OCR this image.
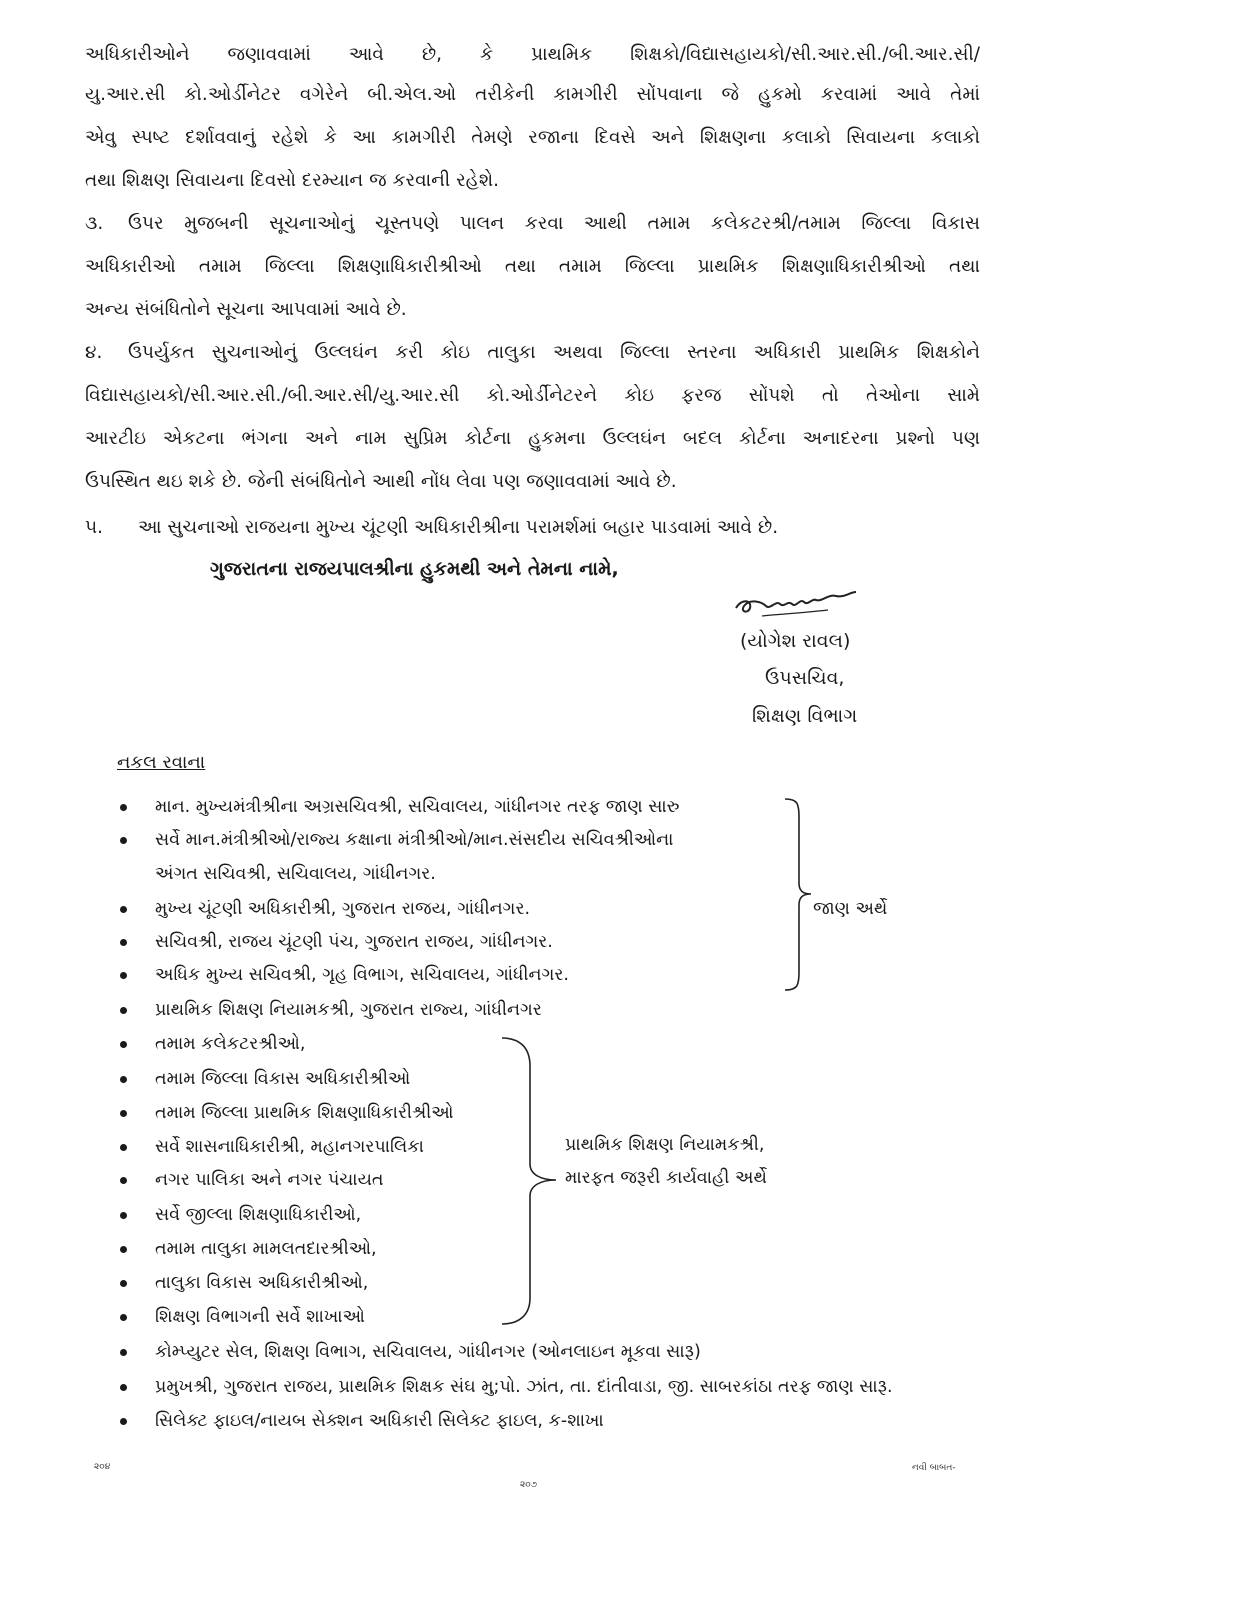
અધિકારીઓને જણાવવામાં આવે છે, કે પ્રાથમિક શિક્ષકો/વિદ્યાસહાયકો/સી.આર.સી./બી.આર.સી/
યુ.આર.સી કો.ઓર્ડીનેટર વગેરેને બી.એલ.ઓ તરીકેની કામગીરી સોંપવાના જે હુકમો કરવામાં આવે તેમાં
એવુ સ્પષ્ટ દર્શાવવાનું રહેશે કે આ કામગીરી તેમણે રજાના દિવસે અને શિક્ષણના કલાકો સિવાયના કલાકો
તથા શિક્ષણ સિવાયના દિવસો દરમ્યાન જ કરવાની રહેશે.
૩. ઉપર મુજબની સૂચનાઓનું ચૂસ્તપણે પાલન કરવા આથી તમામ કલેકટરશ્રી/તમામ જિલ્લા વિકાસ
અધિકારીઓ તમામ જિલ્લા શિક્ષણાધિકારીશ્રીઓ તથા તમામ જિલ્લા પ્રાથમિક શિક્ષણાધિકારીશ્રીઓ તથા
અન્ય સંબંધિતોને સૂચના આપવામાં આવે છે.
૪. ઉપર્યુકત સુચનાઓનું ઉલ્લઘંન કરી કોઇ તાલુકા અથવા જિલ્લા સ્તરના અધિકારી પ્રાથમિક શિક્ષકોને
વિદ્યાસહાયકો/સી.આર.સી./બી.આર.સી/યુ.આર.સી કો.ઓર્ડીનેટરને કોઇ ફરજ સોંપશે તો તેઓના સામે
આરટીઇ એકટના ભંગના અને નામ સુપ્રિમ કોર્ટના હુકમના ઉલ્લઘંન બદલ કોર્ટના અનાદરના પ્રશ્નો પણ
ઉપસ્થિત થઇ શકે છે. જેની સંબંધિતોને આથી નોંધ લેવા પણ જણાવવામાં આવે છે.
૫. આ સુચનાઓ રાજયના મુખ્ય ચૂંટણી અધિકારીશ્રીના પરામર્શમાં બહાર પાડવામાં આવે છે.
ગુજરાતના રાજયપાલશ્રીના હુકમથી અને તેમના નામે,
(યોગેશ રાવલ)
ઉપસચિવ,
શિક્ષણ વિભાગ
નકલ રવાના
માન. મુખ્યમંત્રીશ્રીના અગ્રસચિવશ્રી, સચિવાલય, ગાંધીનગર તરફ જાણ સારુ
સર્વે માન.મંત્રીશ્રીઓ/રાજ્ય કક્ષાના મંત્રીશ્રીઓ/માન.સંસદીય સચિવશ્રીઓના
અંગત સચિવશ્રી, સચિવાલય, ગાંધીનગર.
મુખ્ય ચૂંટણી અધિકારીશ્રી, ગુજરાત રાજય, ગાંધીનગર.
સચિવશ્રી, રાજય ચૂંટણી પંચ, ગુજરાત રાજય, ગાંધીનગર.
અધિક મુખ્ય સચિવશ્રી, ગૃહ વિભાગ, સચિવાલય, ગાંધીનગર.
પ્રાથમિક શિક્ષણ નિયામકશ્રી, ગુજરાત રાજ્ય, ગાંધીનગર
તમામ કલેકટરશ્રીઓ,
તમામ જિલ્લા વિકાસ અધિકારીશ્રીઓ
તમામ જિલ્લા પ્રાથમિક શિક્ષણાધિકારીશ્રીઓ
સર્વે શાસનાધિકારીશ્રી, મહાનગરપાલિકા
નગર પાલિકા અને નગર પંચાયત
સર્વે જીલ્લા શિક્ષણાધિકારીઓ,
તમામ તાલુકા મામલતદારશ્રીઓ,
તાલુકા વિકાસ અધિકારીશ્રીઓ,
શિક્ષણ વિભાગની સર્વે શાખાઓ
કોમ્પ્યુટર સેલ, શિક્ષણ વિભાગ, સચિવાલય, ગાંધીનગર (ઓનલાઇન મૂકવા સારૂ)
પ્રમુખશ્રી, ગુજરાત રાજય, પ્રાથમિક શિક્ષક સંઘ મુ;પો. ઝાંત, તા. દાંતીવાડા, જી. સાબરકાંઠા તરફ જાણ સારૂ.
સિલેક્ટ ફાઇલ/નાયબ સેક્શન અધિકારી સિલેક્ટ ફાઇલ, ક-શાખા
જાણ અર્થે
પ્રાથમિક શિક્ષણ નિયામકશ્રી,
મારફત જરૂરી કાર્યવાહી અર્થે
૨૦૪
૨૦૭
નવી બાબત-
